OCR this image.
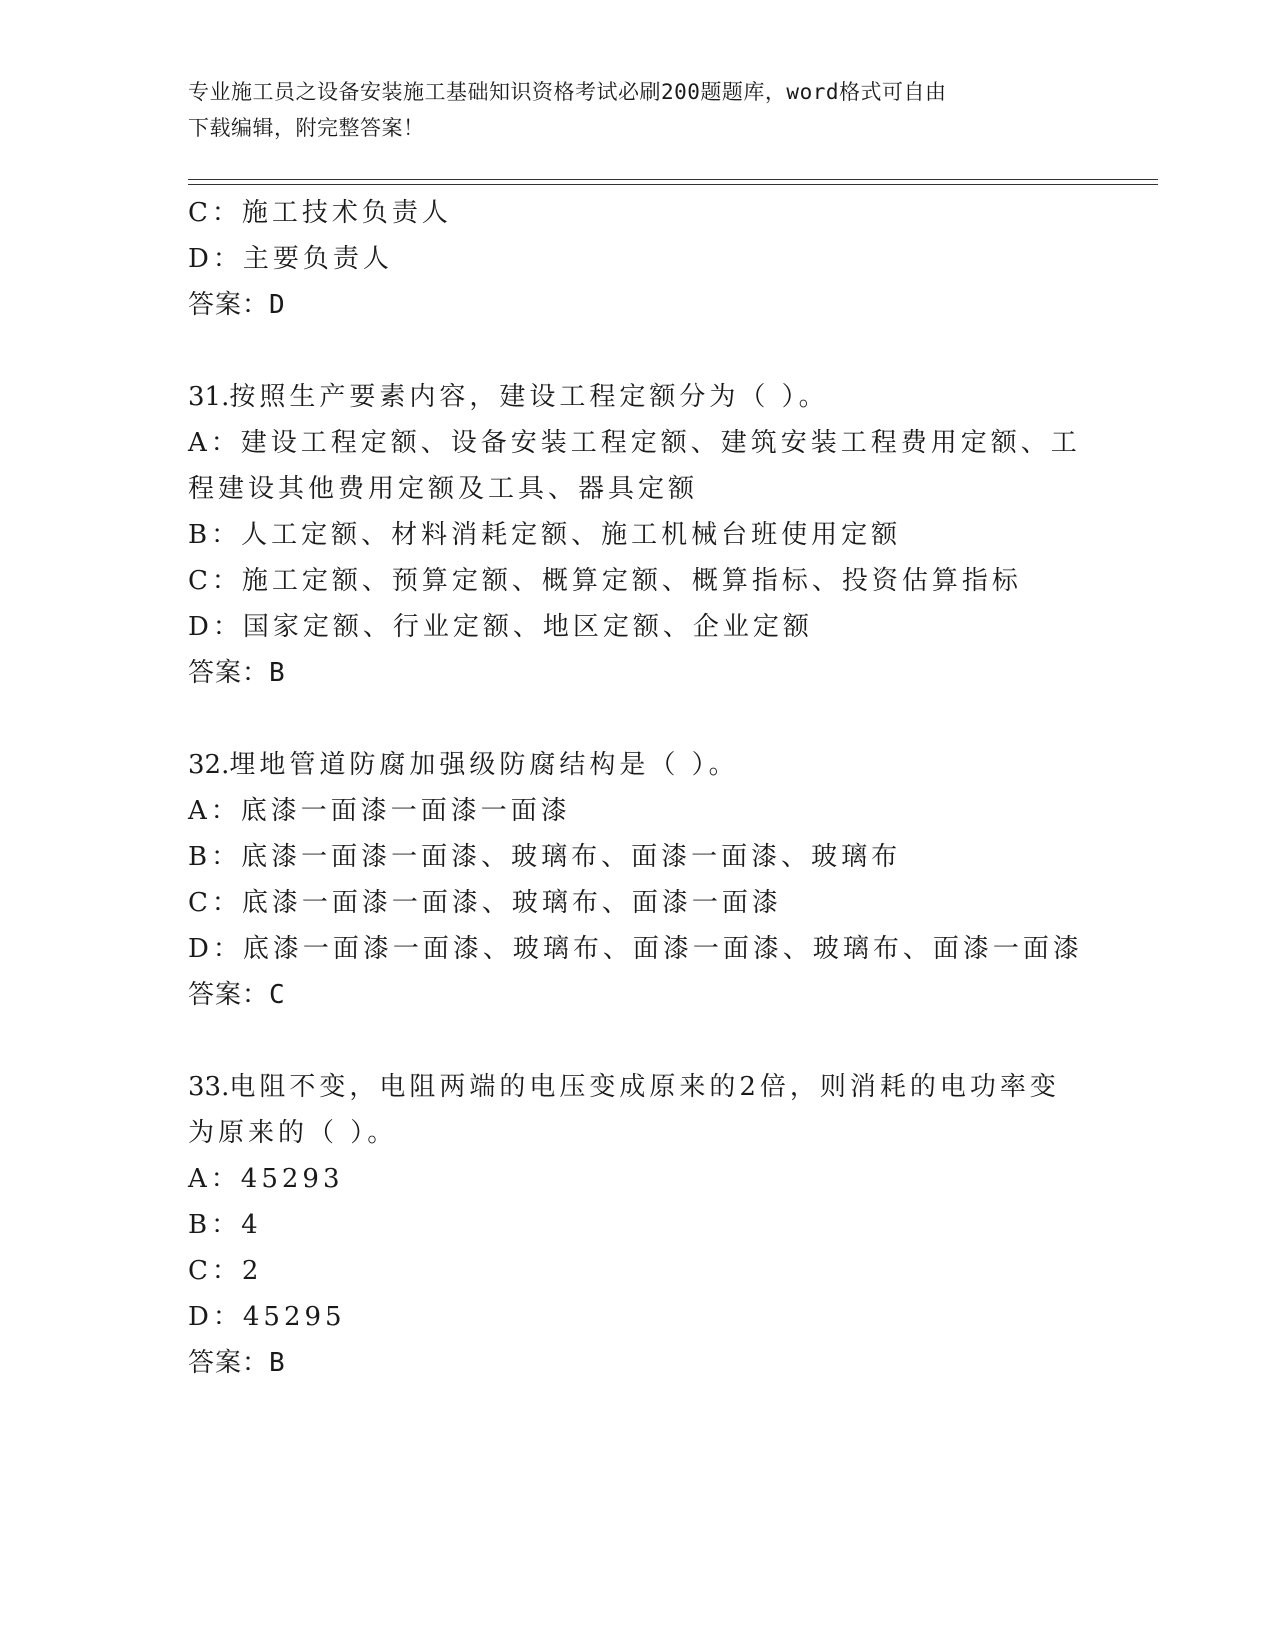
专业施工员之设备安装施工基础知识资格考试必刷200题题库，word格式可自由
下载编辑，附完整答案！
C：施工技术负责人
D：主要负责人
答案：D
31.按照生产要素内容，建设工程定额分为（ ）。
A：建设工程定额、设备安装工程定额、建筑安装工程费用定额、工程建设其他费用定额及工具、器具定额
B：人工定额、材料消耗定额、施工机械台班使用定额
C：施工定额、预算定额、概算定额、概算指标、投资估算指标
D：国家定额、行业定额、地区定额、企业定额
答案：B
32.埋地管道防腐加强级防腐结构是（ ）。
A：底漆一面漆一面漆一面漆
B：底漆一面漆一面漆、玻璃布、面漆一面漆、玻璃布
C：底漆一面漆一面漆、玻璃布、面漆一面漆
D：底漆一面漆一面漆、玻璃布、面漆一面漆、玻璃布、面漆一面漆
答案：C
33.电阻不变，电阻两端的电压变成原来的2倍，则消耗的电功率变为原来的（ ）。
A：45293
B：4
C：2
D：45295
答案：B
